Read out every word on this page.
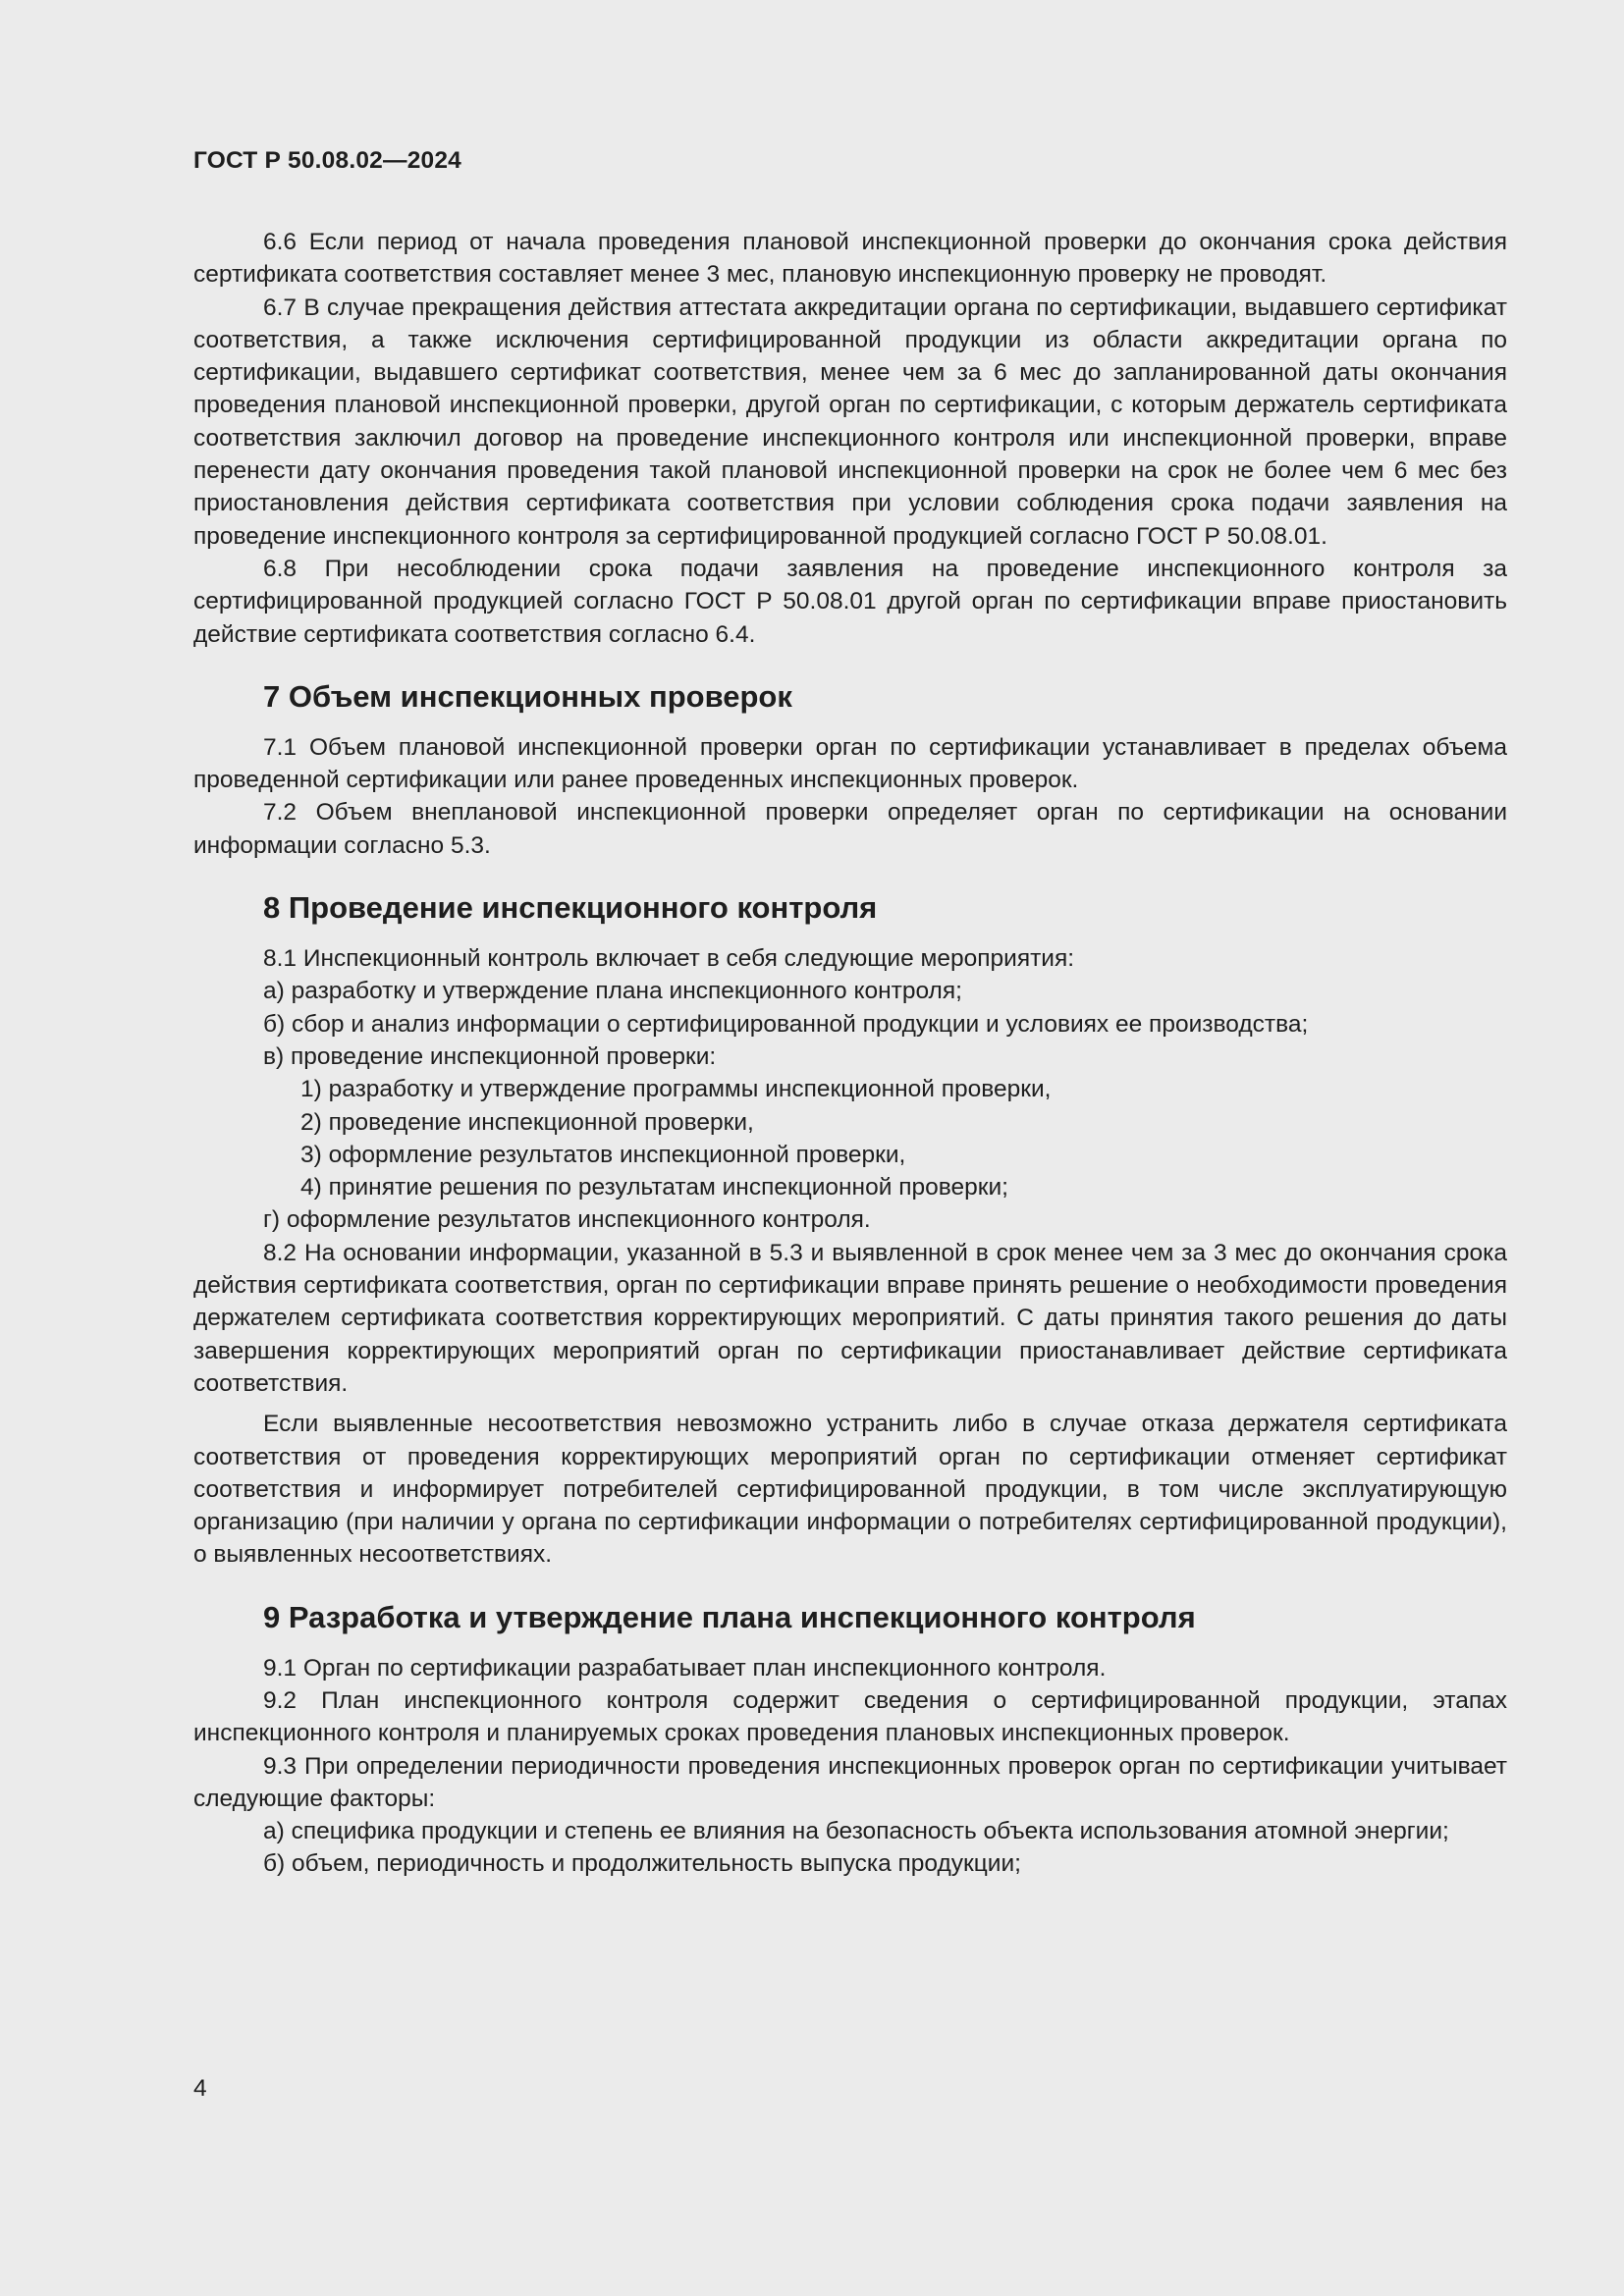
ГОСТ Р 50.08.02—2024

6.6 Если период от начала проведения плановой инспекционной проверки до окончания срока действия сертификата соответствия составляет менее 3 мес, плановую инспекционную проверку не проводят.

6.7 В случае прекращения действия аттестата аккредитации органа по сертификации, выдавшего сертификат соответствия, а также исключения сертифицированной продукции из области аккредитации органа по сертификации, выдавшего сертификат соответствия, менее чем за 6 мес до запланированной даты окончания проведения плановой инспекционной проверки, другой орган по сертификации, с которым держатель сертификата соответствия заключил договор на проведение инспекционного контроля или инспекционной проверки, вправе перенести дату окончания проведения такой плановой инспекционной проверки на срок не более чем 6 мес без приостановления действия сертификата соответствия при условии соблюдения срока подачи заявления на проведение инспекционного контроля за сертифицированной продукцией согласно ГОСТ Р 50.08.01.

6.8 При несоблюдении срока подачи заявления на проведение инспекционного контроля за сертифицированной продукцией согласно ГОСТ Р 50.08.01 другой орган по сертификации вправе приостановить действие сертификата соответствия согласно 6.4.

7 Объем инспекционных проверок

7.1 Объем плановой инспекционной проверки орган по сертификации устанавливает в пределах объема проведенной сертификации или ранее проведенных инспекционных проверок.

7.2 Объем внеплановой инспекционной проверки определяет орган по сертификации на основании информации согласно 5.3.

8 Проведение инспекционного контроля

8.1 Инспекционный контроль включает в себя следующие мероприятия:

а) разработку и утверждение плана инспекционного контроля;
б) сбор и анализ информации о сертифицированной продукции и условиях ее производства;
в) проведение инспекционной проверки:
1) разработку и утверждение программы инспекционной проверки,
2) проведение инспекционной проверки,
3) оформление результатов инспекционной проверки,
4) принятие решения по результатам инспекционной проверки;
г) оформление результатов инспекционного контроля.

8.2 На основании информации, указанной в 5.3 и выявленной в срок менее чем за 3 мес до окончания срока действия сертификата соответствия, орган по сертификации вправе принять решение о необходимости проведения держателем сертификата соответствия корректирующих мероприятий. С даты принятия такого решения до даты завершения корректирующих мероприятий орган по сертификации приостанавливает действие сертификата соответствия.

Если выявленные несоответствия невозможно устранить либо в случае отказа держателя сертификата соответствия от проведения корректирующих мероприятий орган по сертификации отменяет сертификат соответствия и информирует потребителей сертифицированной продукции, в том числе эксплуатирующую организацию (при наличии у органа по сертификации информации о потребителях сертифицированной продукции), о выявленных несоответствиях.

9 Разработка и утверждение плана инспекционного контроля

9.1 Орган по сертификации разрабатывает план инспекционного контроля.

9.2 План инспекционного контроля содержит сведения о сертифицированной продукции, этапах инспекционного контроля и планируемых сроках проведения плановых инспекционных проверок.

9.3 При определении периодичности проведения инспекционных проверок орган по сертификации учитывает следующие факторы:

а) специфика продукции и степень ее влияния на безопасность объекта использования атомной энергии;

б) объем, периодичность и продолжительность выпуска продукции;

4
